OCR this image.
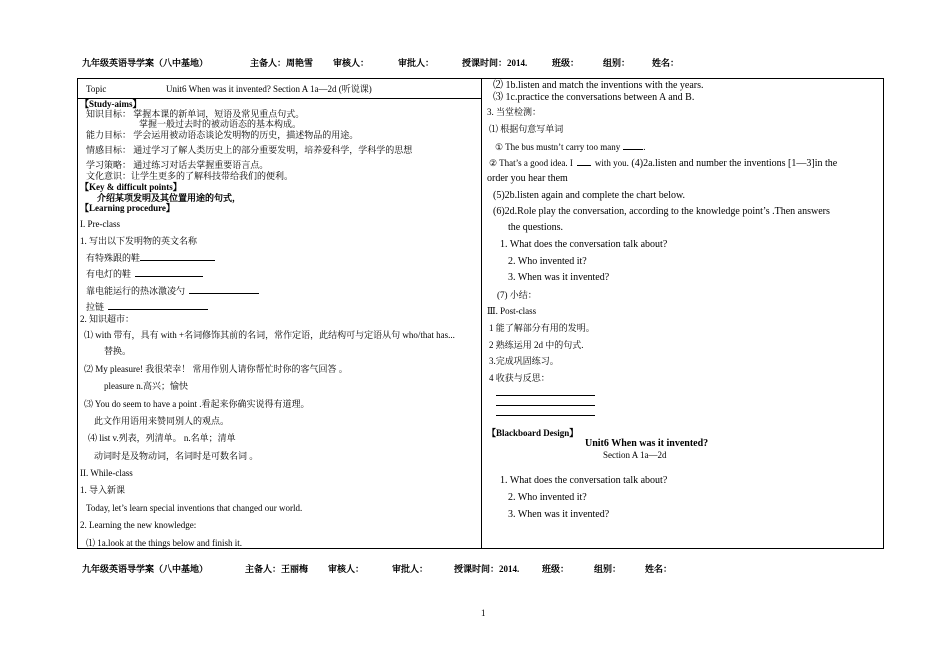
九年级英语导学案（八中基地）	主备人：周艳雪 审核人：	审批人：	授课时间：2014.	班级：	组别： 姓名：
Topic	Unit6 When was it invented? Section A 1a—2d (听说课)
【Study-aims】
知识目标： 掌握本课的新单词，短语及常见重点句式。
掌握一般过去时的被动语态的基本构成。
能力目标： 学会运用被动语态谈论发明物的历史，描述物品的用途。
情感目标： 通过学习了解人类历史上的部分重要发明，培养爱科学，学科学的思想
学习策略： 通过练习对话去掌握重要语言点。
文化意识：让学生更多的了解科技带给我们的便利。
【Key & difficult points】
介绍某项发明及其位置用途的句式，
【Learning procedure】
I. Pre-class
1. 写出以下发明物的英文名称
有特殊跟的鞋
有电灯的鞋
靠电能运行的热冰激凌勺
拉链
2. 知识超市：
⑴ with 带有，具有 with +名词修饰其前的名词，常作定语，此结构可与定语从句 who/that has...
替换。
⑵ My pleasure! 我很荣幸！ 常用作别人请你帮忙时你的客气回答 。
pleasure n.高兴；愉快
⑶ You do seem to have a point .看起来你确实说得有道理。
此文作用语用来赞同别人的观点。
⑷ list v.列表，列清单。 n.名单；清单
动词时是及物动词，名词时是可数名词 。
II. While-class
1. 导入新课
Today, let’s learn special inventions that changed our world.
2. Learning the new knowledge:
⑴ 1a.look at the things below and finish it.
⑵ 1b.listen and match the inventions with the years.
⑶ 1c.practice the conversations between A and B.
3. 当堂检测：
⑴ 根据句意写单词
① The bus mustn’t carry too many	.
② That’s a good idea. I with you. (4)2a.listen and number the inventions [1—3]in the
order you hear them
(5)2b.listen again and complete the chart below.
(6)2d.Role play the conversation, according to the knowledge point’s .Then answers
the questions.
1. What does the conversation talk about?
2. Who invented it?
3. When was it invented?
(7) 小结：
Ⅲ. Post-class
1 能了解部分有用的发明。
2 熟练运用 2d 中的句式.
3.完成巩固练习。
4 收获与反思：
【Blackboard Design】
Unit6 When was it invented?
Section A 1a—2d
1. What does the conversation talk about?
2. Who invented it?
3. When was it invented?
九年级英语导学案（八中基地）	主备人：王丽梅 审核人：	审批人：	授课时间：2014.	班级：	组别：	姓名：
1
